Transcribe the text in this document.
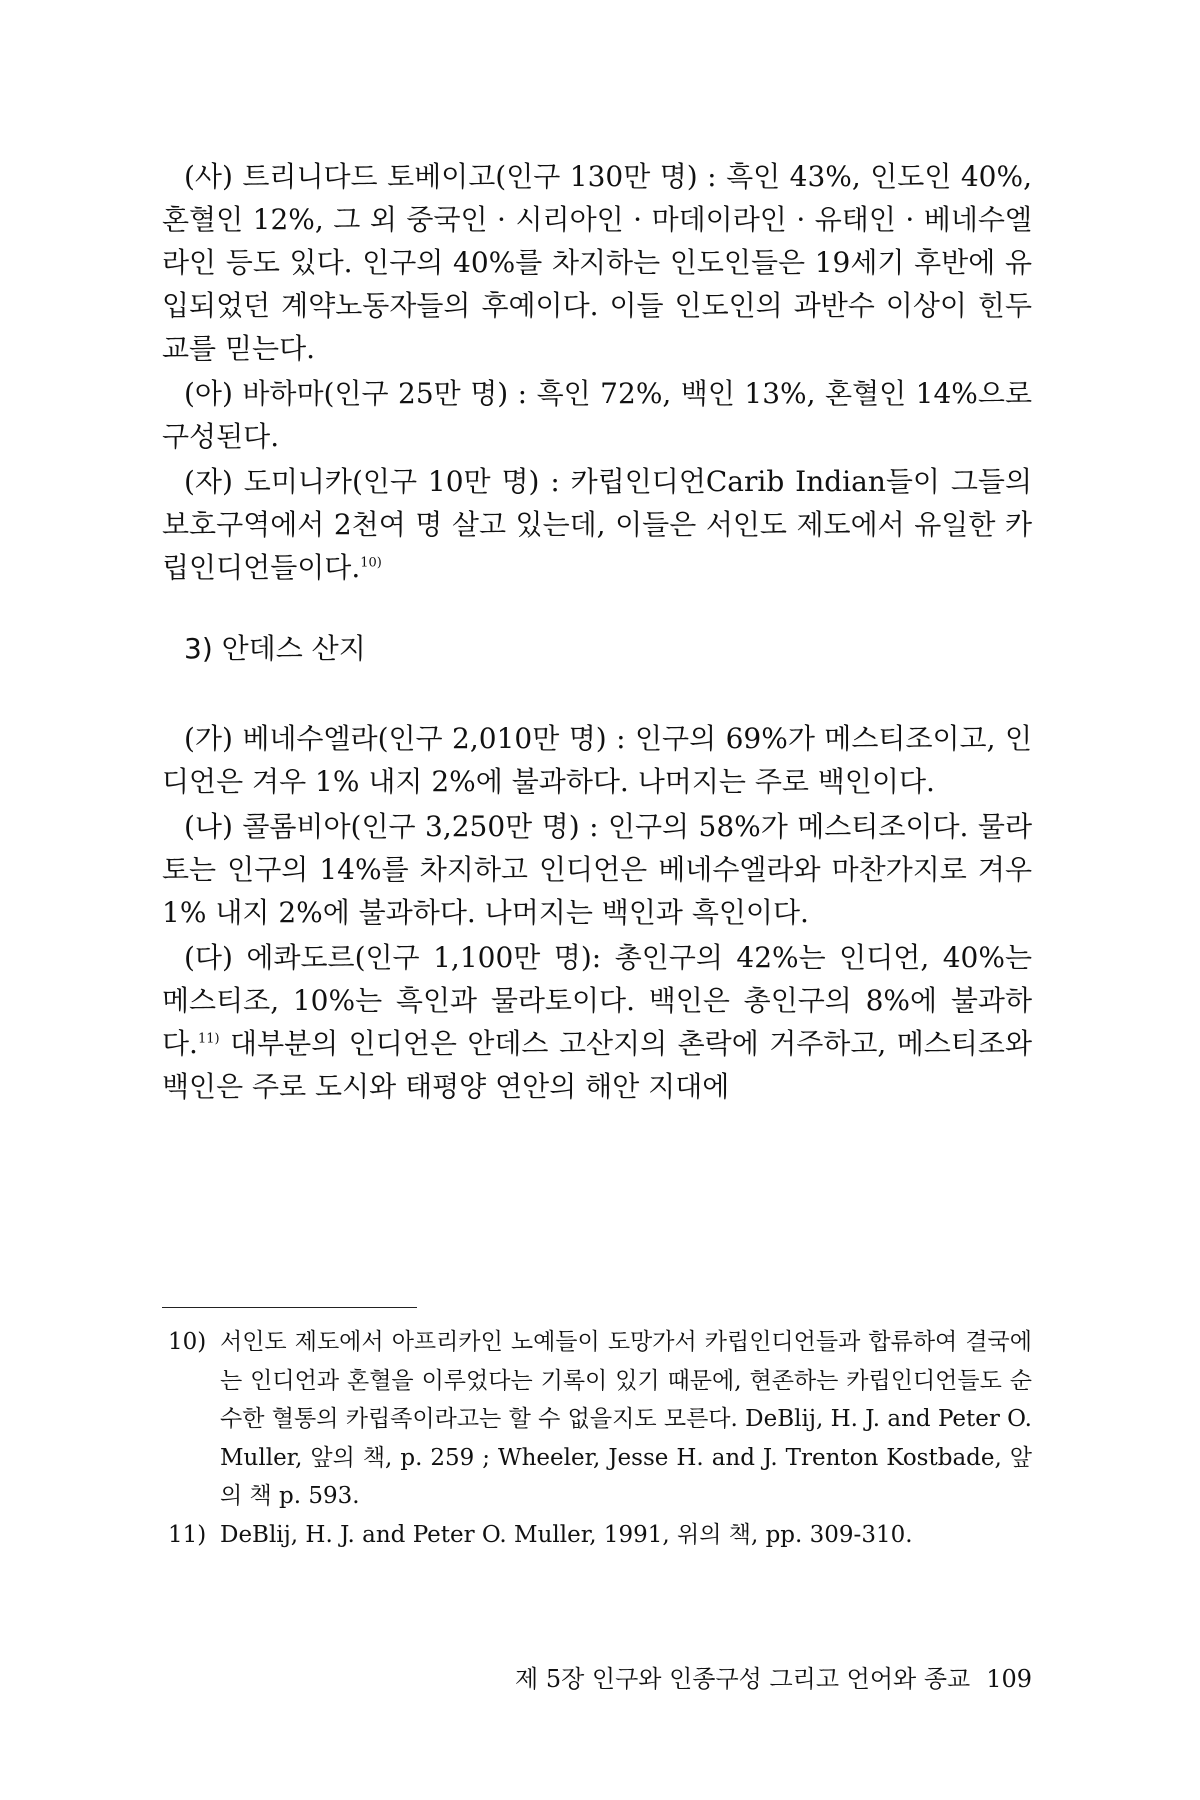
(사) 트리니다드 토베이고(인구 130만 명) : 흑인 43%, 인도인 40%, 혼혈인 12%, 그 외 중국인 · 시리아인 · 마데이라인 · 유태인 · 베네수엘라인 등도 있다. 인구의 40%를 차지하는 인도인들은 19세기 후반에 유입되었던 계약노동자들의 후예이다. 이들 인도인의 과반수 이상이 힌두교를 믿는다.

(아) 바하마(인구 25만 명) : 흑인 72%, 백인 13%, 혼혈인 14%으로 구성된다.

(자) 도미니카(인구 10만 명) : 카립인디언Carib Indian들이 그들의 보호구역에서 2천여 명 살고 있는데, 이들은 서인도 제도에서 유일한 카립인디언들이다.$^{10)}$

3) 안데스 산지

(가) 베네수엘라(인구 2,010만 명) : 인구의 69%가 메스티조이고, 인디언은 겨우 1% 내지 2%에 불과하다. 나머지는 주로 백인이다.

(나) 콜롬비아(인구 3,250만 명) : 인구의 58%가 메스티조이다. 물라토는 인구의 14%를 차지하고 인디언은 베네수엘라와 마찬가지로 겨우 1% 내지 2%에 불과하다. 나머지는 백인과 흑인이다.

(다) 에콰도르(인구 1,100만 명): 총인구의 42%는 인디언, 40%는 메스티조, 10%는 흑인과 물라토이다. 백인은 총인구의 8%에 불과하다.$^{11)}$ 대부분의 인디언은 안데스 고산지의 촌락에 거주하고, 메스티조와 백인은 주로 도시와 태평양 연안의 해안 지대에

10) 서인도 제도에서 아프리카인 노예들이 도망가서 카립인디언들과 합류하여 결국에는 인디언과 혼혈을 이루었다는 기록이 있기 때문에, 현존하는 카립인디언들도 순수한 혈통의 카립족이라고는 할 수 없을지도 모른다. DeBlij, H. J. and Peter O. Muller, 앞의 책, p. 259 ; Wheeler, Jesse H. and J. Trenton Kostbade, 앞의 책 p. 593.
11) DeBlij, H. J. and Peter O. Muller, 1991, 위의 책, pp. 309-310.
제 5장 인구와 인종구성 그리고 언어와 종교 109
